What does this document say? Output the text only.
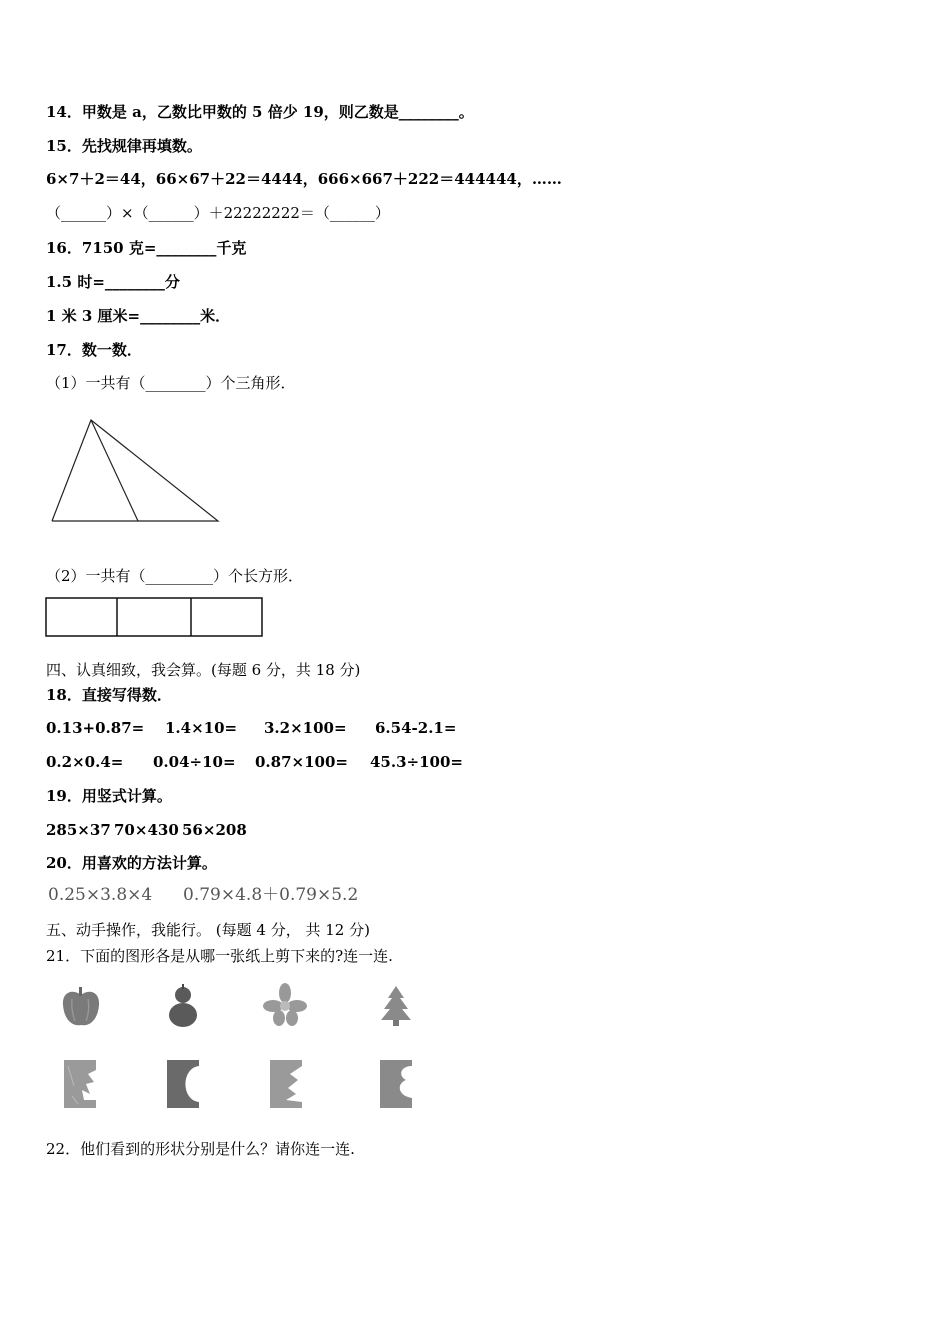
14．甲数是 a，乙数比甲数的 5 倍少 19，则乙数是________。
15．先找规律再填数。
6×7＋2＝44，66×67＋22＝4444，666×667＋222＝444444，……
（______）×（______）＋22222222＝（______）
16．7150 克=________千克
1.5 时=________分
1 米 3 厘米=________米．
17．数一数．
（1）一共有（________）个三角形．
（2）一共有（_________）个长方形．
四、认真细致，我会算。(每题 6 分，共 18 分)
18．直接写得数．
0.13+0.87= 1.4×10= 3.2×100= 6.54-2.1=
0.2×0.4= 0.04÷10= 0.87×100= 45.3÷100=
19．用竖式计算。
285×37 70×430 56×208
20．用喜欢的方法计算。
0.25×3.8×4 0.79×4.8＋0.79×5.2
五、动手操作，我能行。 (每题 4 分， 共 12 分)
21．下面的图形各是从哪一张纸上剪下来的?连一连.
22．他们看到的形状分别是什么？请你连一连.
